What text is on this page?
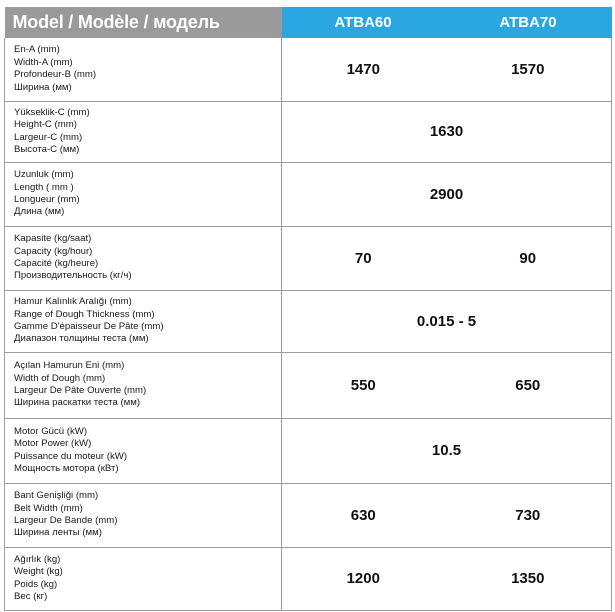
Model / Modèle / модель	ATBA60	ATBA70

En-A (mm)
Width-A (mm)
Profondeur-B (mm)
Ширина (мм)	1470	1570

Yükseklik-C (mm)
Height-C (mm)
Largeur-C (mm)
Высота-С (мм)	1630	

Uzunluk (mm)
Length ( mm )
Longueur (mm)
Длина (мм)	2900	

Kapasite (kg/saat)
Capacity (kg/hour)
Capacité (kg/heure)
Производительность (кг/ч)	70	90

Hamur Kalınlık Aralığı (mm)
Range of Dough Thickness (mm)
Gamme D'épaisseur De Pâte (mm)
Диапазон толщины теста (мм)	0.015 - 5	

Açılan Hamurun Eni (mm)
Width of Dough (mm)
Largeur De Pâte Ouverte (mm)
Ширина раскатки теста (мм)	550	650

Motor Gücü (kW)
Motor Power (kW)
Puissance du moteur (kW)
Мощность мотора (кВт)	10.5	

Bant Genişliği (mm)
Belt Width (mm)
Largeur De Bande (mm)
Ширина ленты (мм)	630	730

Ağırlık (kg)
Weight (kg)
Poids (kg)
Вес (кг)	1200	1350
